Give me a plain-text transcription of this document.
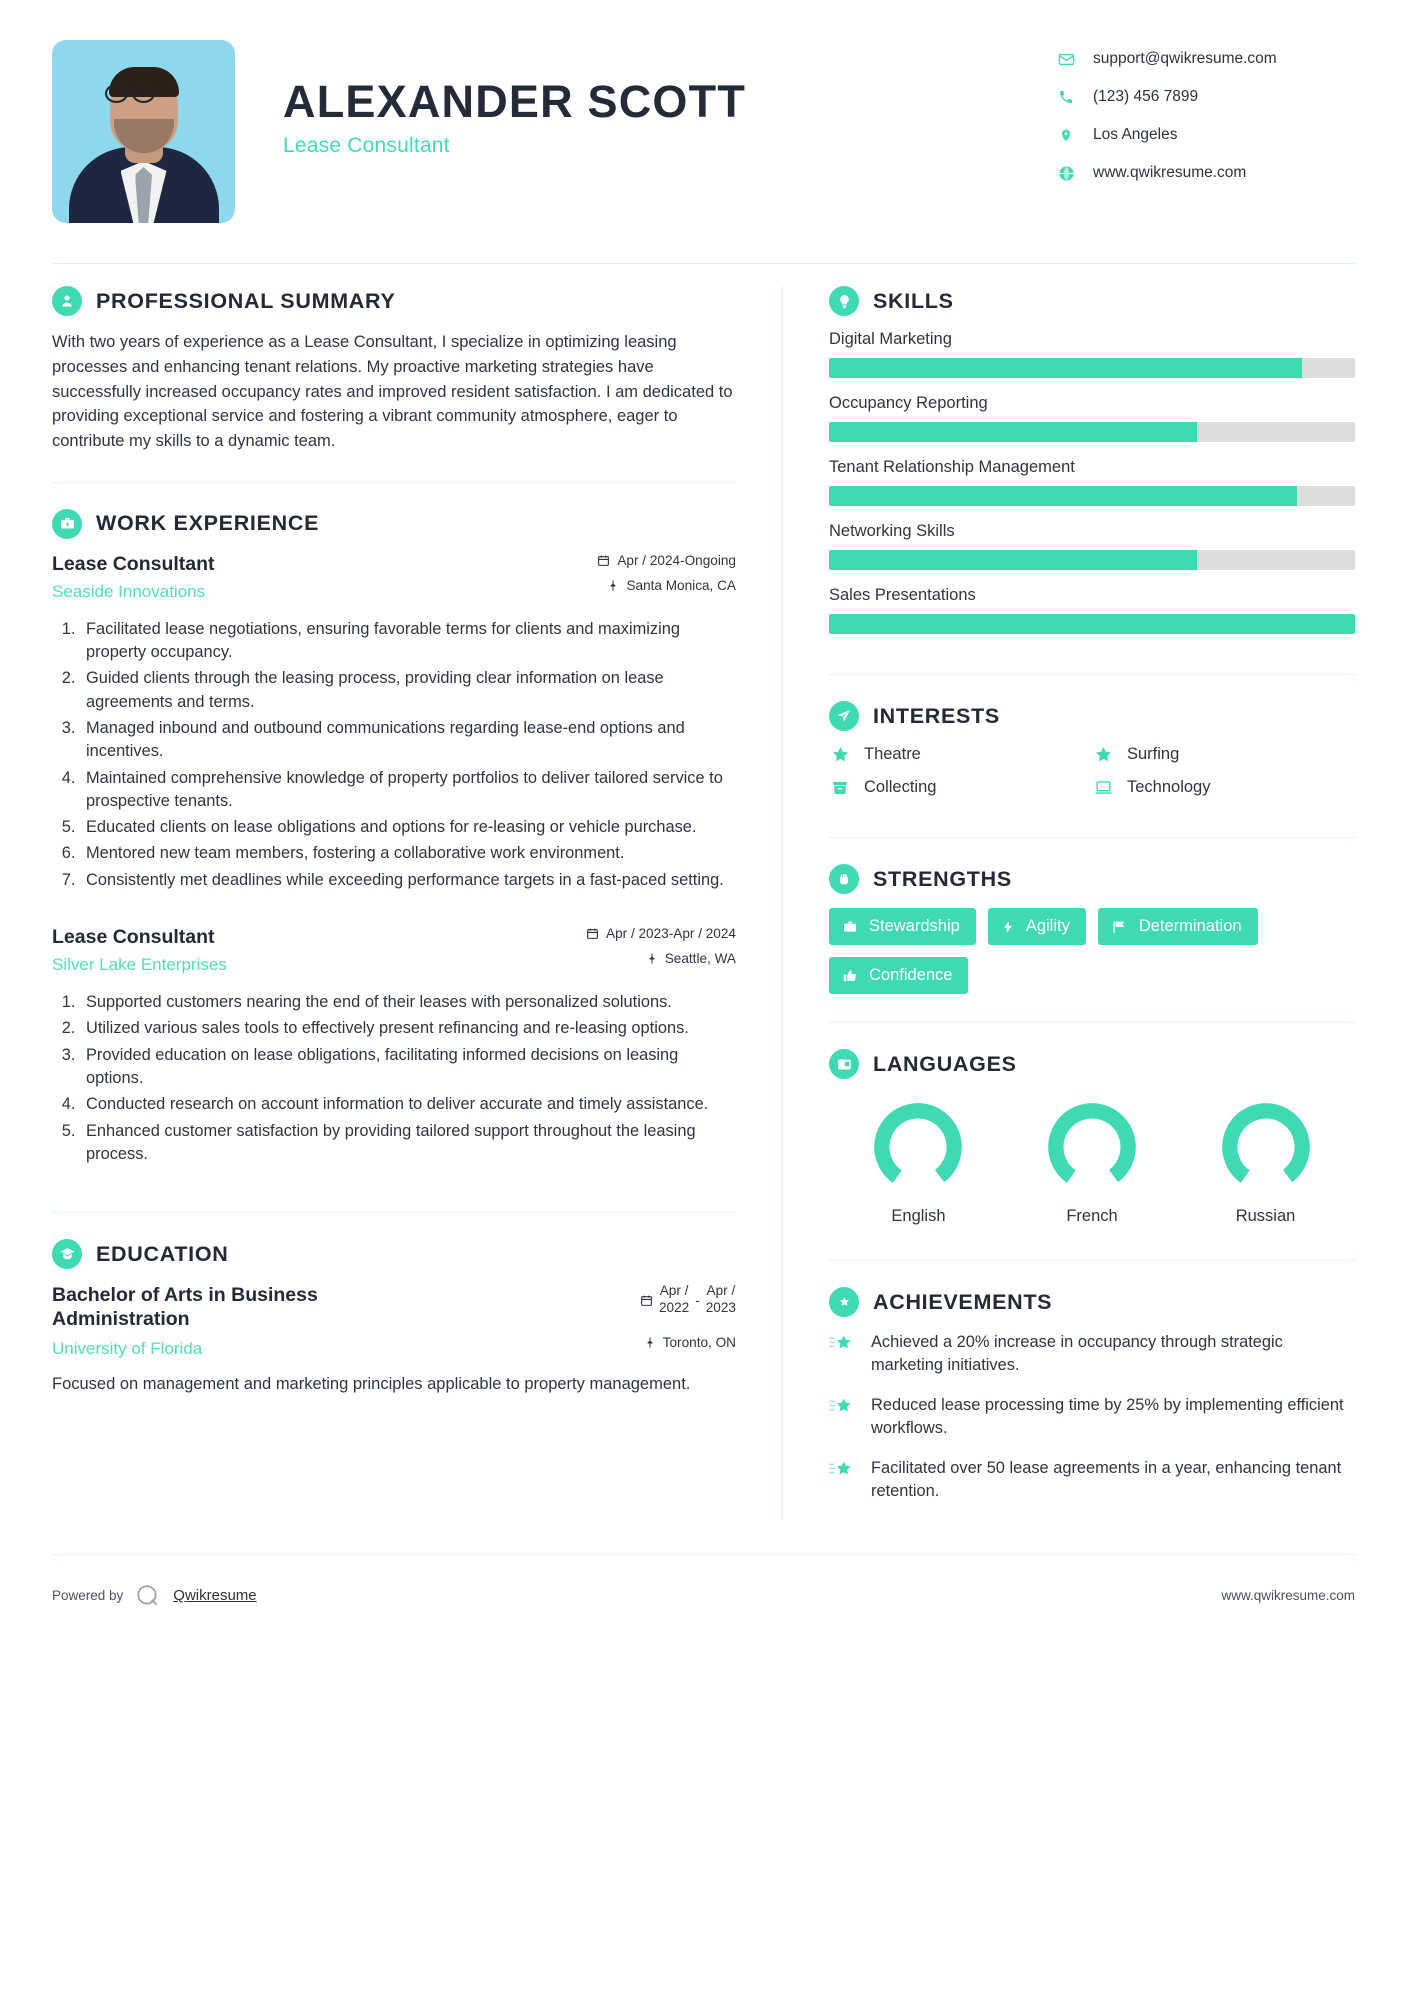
ALEXANDER SCOTT
Lease Consultant
support@qwikresume.com
(123) 456 7899
Los Angeles
www.qwikresume.com
PROFESSIONAL SUMMARY

With two years of experience as a Lease Consultant, I specialize in optimizing leasing processes and enhancing tenant relations. My proactive marketing strategies have successfully increased occupancy rates and improved resident satisfaction. I am dedicated to providing exceptional service and fostering a vibrant community atmosphere, eager to contribute my skills to a dynamic team.

WORK EXPERIENCE
Lease Consultant
Seaside Innovations
Apr / 2024-Ongoing
Santa Monica, CA
1. Facilitated lease negotiations, ensuring favorable terms for clients and maximizing property occupancy.
2. Guided clients through the leasing process, providing clear information on lease agreements and terms.
3. Managed inbound and outbound communications regarding lease-end options and incentives.
4. Maintained comprehensive knowledge of property portfolios to deliver tailored service to prospective tenants.
5. Educated clients on lease obligations and options for re-leasing or vehicle purchase.
6. Mentored new team members, fostering a collaborative work environment.
7. Consistently met deadlines while exceeding performance targets in a fast-paced setting.
Lease Consultant
Silver Lake Enterprises
Apr / 2023-Apr / 2024
Seattle, WA
1. Supported customers nearing the end of their leases with personalized solutions.
2. Utilized various sales tools to effectively present refinancing and re-leasing options.
3. Provided education on lease obligations, facilitating informed decisions on leasing options.
4. Conducted research on account information to deliver accurate and timely assistance.
5. Enhanced customer satisfaction by providing tailored support throughout the leasing process.
EDUCATION
Bachelor of Arts in Business Administration
University of Florida
Apr /
2022 -
Apr /
2023
Toronto, ON

Focused on management and marketing principles applicable to property management.

SKILLS
Digital Marketing
Occupancy Reporting
Tenant Relationship Management
Networking Skills
Sales Presentations
INTERESTS
Theatre	Surfing
Collecting	Technology
STRENGTHS
Stewardship	Agility	Determination
Confidence
A	LANGUAGES
English	French	Russian
ACHIEVEMENTS
Achieved a 20% increase in occupancy through strategic marketing initiatives.
Reduced lease processing time by 25% by implementing efficient workflows.
Facilitated over 50 lease agreements in a year, enhancing tenant retention.
Powered by	Qwikresume	www.qwikresume.com
